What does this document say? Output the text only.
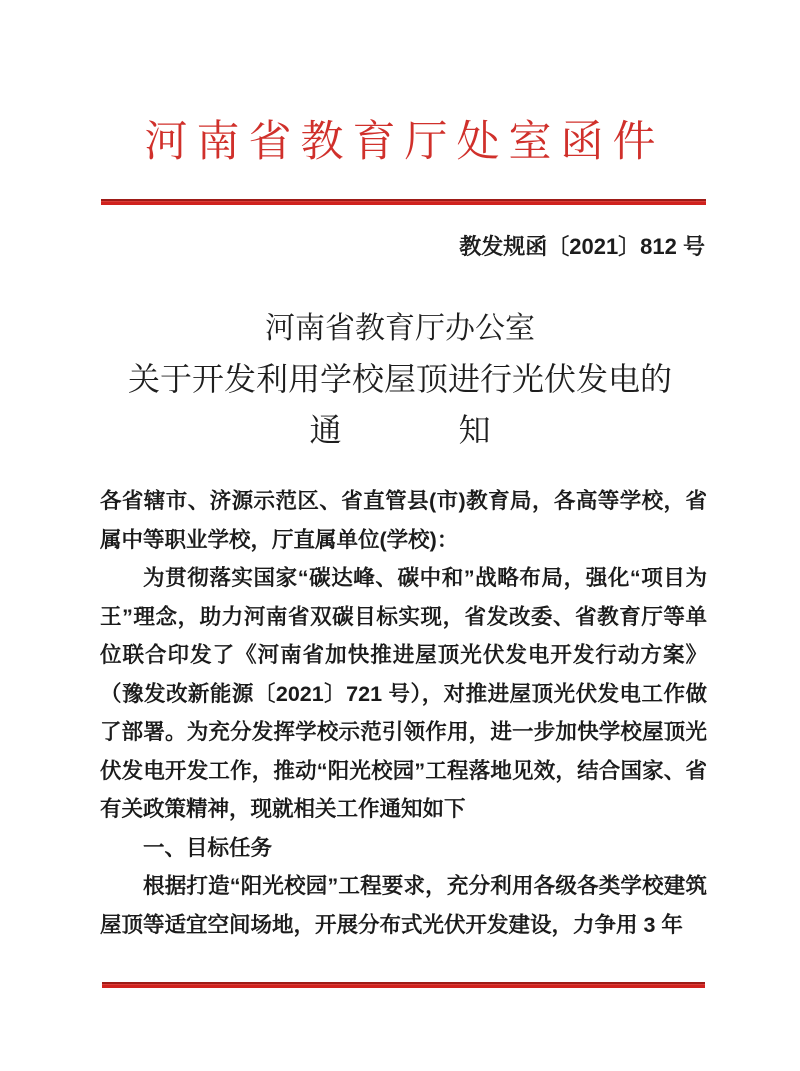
河南省教育厅处室函件
教发规函〔2021〕812 号
河南省教育厅办公室
关于开发利用学校屋顶进行光伏发电的
通	知

各省辖市、济源示范区、省直管县(市)教育局，各高等学校，省属中等职业学校，厅直属单位(学校)：

为贯彻落实国家“碳达峰、碳中和”战略布局，强化“项目为王”理念，助力河南省双碳目标实现，省发改委、省教育厅等单位联合印发了《河南省加快推进屋顶光伏发电开发行动方案》（豫发改新能源〔2021〕721 号），对推进屋顶光伏发电工作做了部署。为充分发挥学校示范引领作用，进一步加快学校屋顶光伏发电开发工作，推动“阳光校园”工程落地见效，结合国家、省有关政策精神，现就相关工作通知如下

一、目标任务

根据打造“阳光校园”工程要求，充分利用各级各类学校建筑屋顶等适宜空间场地，开展分布式光伏开发建设，力争用 3 年
